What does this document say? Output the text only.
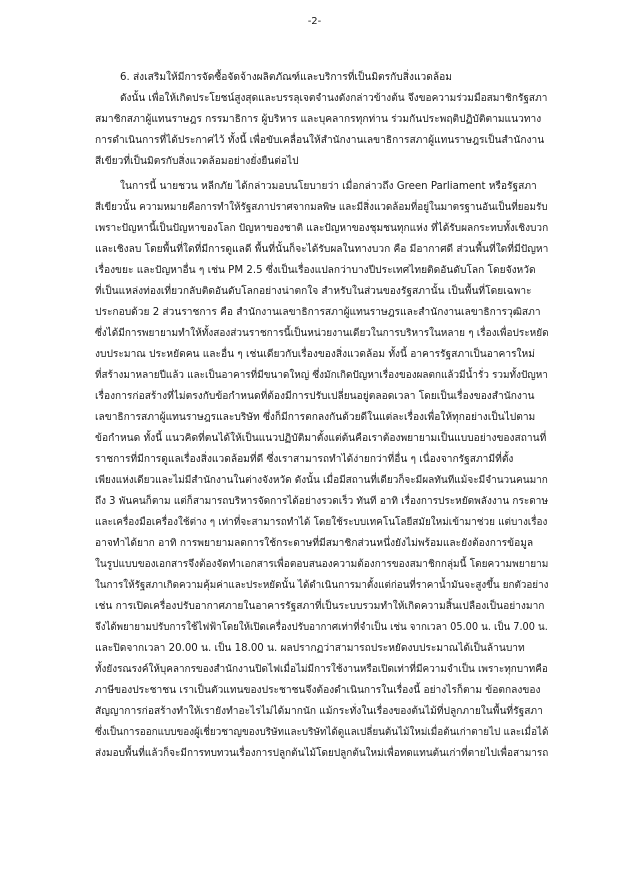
-2-
6. ส่งเสริมให้มีการจัดซื้อจัดจ้างผลิตภัณฑ์และบริการที่เป็นมิตรกับสิ่งแวดล้อม
ดังนั้น เพื่อให้เกิดประโยชน์สูงสุดและบรรลุเจตจำนงดังกล่าวข้างต้น จึงขอความร่วมมือสมาชิกรัฐสภา
สมาชิกสภาผู้แทนราษฎร กรรมาธิการ ผู้บริหาร และบุคลากรทุกท่าน ร่วมกันประพฤติปฏิบัติตามแนวทาง
การดำเนินการที่ได้ประกาศไว้ ทั้งนี้ เพื่อขับเคลื่อนให้สำนักงานเลขาธิการสภาผู้แทนราษฎรเป็นสำนักงาน
สีเขียวที่เป็นมิตรกับสิ่งแวดล้อมอย่างยั่งยืนต่อไป
ในการนี้ นายชวน หลีกภัย ได้กล่าวมอบนโยบายว่า เมื่อกล่าวถึง Green Parliament หรือรัฐสภา
สีเขียวนั้น ความหมายคือการทำให้รัฐสภาปราศจากมลพิษ และมีสิ่งแวดล้อมที่อยู่ในมาตรฐานอันเป็นที่ยอมรับ
เพราะปัญหานี้เป็นปัญหาของโลก ปัญหาของชาติ และปัญหาของชุมชนทุกแห่ง ที่ได้รับผลกระทบทั้งเชิงบวก
และเชิงลบ โดยพื้นที่ใดที่มีการดูแลดี พื้นที่นั้นก็จะได้รับผลในทางบวก คือ มีอากาศดี ส่วนพื้นที่ใดที่มีปัญหา
เรื่องขยะ และปัญหาอื่น ๆ เช่น PM 2.5 ซึ่งเป็นเรื่องแปลกว่าบางปีประเทศไทยติดอันดับโลก โดยจังหวัด
ที่เป็นแหล่งท่องเที่ยวกลับติดอันดับโลกอย่างน่าตกใจ สำหรับในส่วนของรัฐสภานั้น เป็นพื้นที่โดยเฉพาะ
ประกอบด้วย 2 ส่วนราชการ คือ สำนักงานเลขาธิการสภาผู้แทนราษฎรและสำนักงานเลขาธิการวุฒิสภา
ซึ่งได้มีการพยายามทำให้ทั้งสองส่วนราชการนี้เป็นหน่วยงานเดียวในการบริหารในหลาย ๆ เรื่องเพื่อประหยัด
งบประมาณ ประหยัดคน และอื่น ๆ เช่นเดียวกับเรื่องของสิ่งแวดล้อม ทั้งนี้ อาคารรัฐสภาเป็นอาคารใหม่
ที่สร้างมาหลายปีแล้ว และเป็นอาคารที่มีขนาดใหญ่ ซึ่งมักเกิดปัญหาเรื่องของผลตกแล้วมีน้ำรั่ว รวมทั้งปัญหา
เรื่องการก่อสร้างที่ไม่ตรงกับข้อกำหนดที่ต้องมีการปรับเปลี่ยนอยู่ตลอดเวลา โดยเป็นเรื่องของสำนักงาน
เลขาธิการสภาผู้แทนราษฎรและบริษัท ซึ่งก็มีการตกลงกันด้วยดีในแต่ละเรื่องเพื่อให้ทุกอย่างเป็นไปตาม
ข้อกำหนด ทั้งนี้ แนวคิดที่ตนได้ให้เป็นแนวปฏิบัติมาตั้งแต่ต้นคือเราต้องพยายามเป็นแบบอย่างของสถานที่
ราชการที่มีการดูแลเรื่องสิ่งแวดล้อมที่ดี ซึ่งเราสามารถทำได้ง่ายกว่าที่อื่น ๆ เนื่องจากรัฐสภามีที่ตั้ง
เพียงแห่งเดียวและไม่มีสำนักงานในต่างจังหวัด ดังนั้น เมื่อมีสถานที่เดียวก็จะมีผลทันทีแม้จะมีจำนวนคนมาก
ถึง 3 พันคนก็ตาม แต่ก็สามารถบริหารจัดการได้อย่างรวดเร็ว ทันที อาทิ เรื่องการประหยัดพลังงาน กระดาษ
และเครื่องมือเครื่องใช้ต่าง ๆ เท่าที่จะสามารถทำได้ โดยใช้ระบบเทคโนโลยีสมัยใหม่เข้ามาช่วย แต่บางเรื่อง
อาจทำได้ยาก อาทิ การพยายามลดการใช้กระดาษที่มีสมาชิกส่วนหนึ่งยังไม่พร้อมและยังต้องการข้อมูล
ในรูปแบบของเอกสารจึงต้องจัดทำเอกสารเพื่อตอบสนองความต้องการของสมาชิกกลุ่มนี้ โดยความพยายาม
ในการให้รัฐสภาเกิดความคุ้มค่าและประหยัดนั้น ได้ดำเนินการมาตั้งแต่ก่อนที่ราคาน้ำมันจะสูงขึ้น ยกตัวอย่าง
เช่น การเปิดเครื่องปรับอากาศภายในอาคารรัฐสภาที่เป็นระบบรวมทำให้เกิดความสิ้นเปลืองเป็นอย่างมาก
จึงได้พยายามปรับการใช้ไฟฟ้าโดยให้เปิดเครื่องปรับอากาศเท่าที่จำเป็น เช่น จากเวลา 05.00 น. เป็น 7.00 น.
และปิดจากเวลา 20.00 น. เป็น 18.00 น. ผลปรากฏว่าสามารถประหยัดงบประมาณได้เป็นล้านบาท
ทั้งยังรณรงค์ให้บุคลากรของสำนักงานปิดไฟเมื่อไม่มีการใช้งานหรือเปิดเท่าที่มีความจำเป็น เพราะทุกบาทคือ
ภาษีของประชาชน เราเป็นตัวแทนของประชาชนจึงต้องดำเนินการในเรื่องนี้ อย่างไรก็ตาม ข้อตกลงของ
สัญญาการก่อสร้างทำให้เรายังทำอะไรไม่ได้มากนัก แม้กระทั่งในเรื่องของต้นไม้ที่ปลูกภายในพื้นที่รัฐสภา
ซึ่งเป็นการออกแบบของผู้เชี่ยวชาญของบริษัทและบริษัทได้ดูแลเปลี่ยนต้นไม้ใหม่เมื่อต้นเก่าตายไป และเมื่อได้
ส่งมอบพื้นที่แล้วก็จะมีการทบทวนเรื่องการปลูกต้นไม้โดยปลูกต้นใหม่เพื่อทดแทนต้นเก่าที่ตายไปเพื่อสามารถ
